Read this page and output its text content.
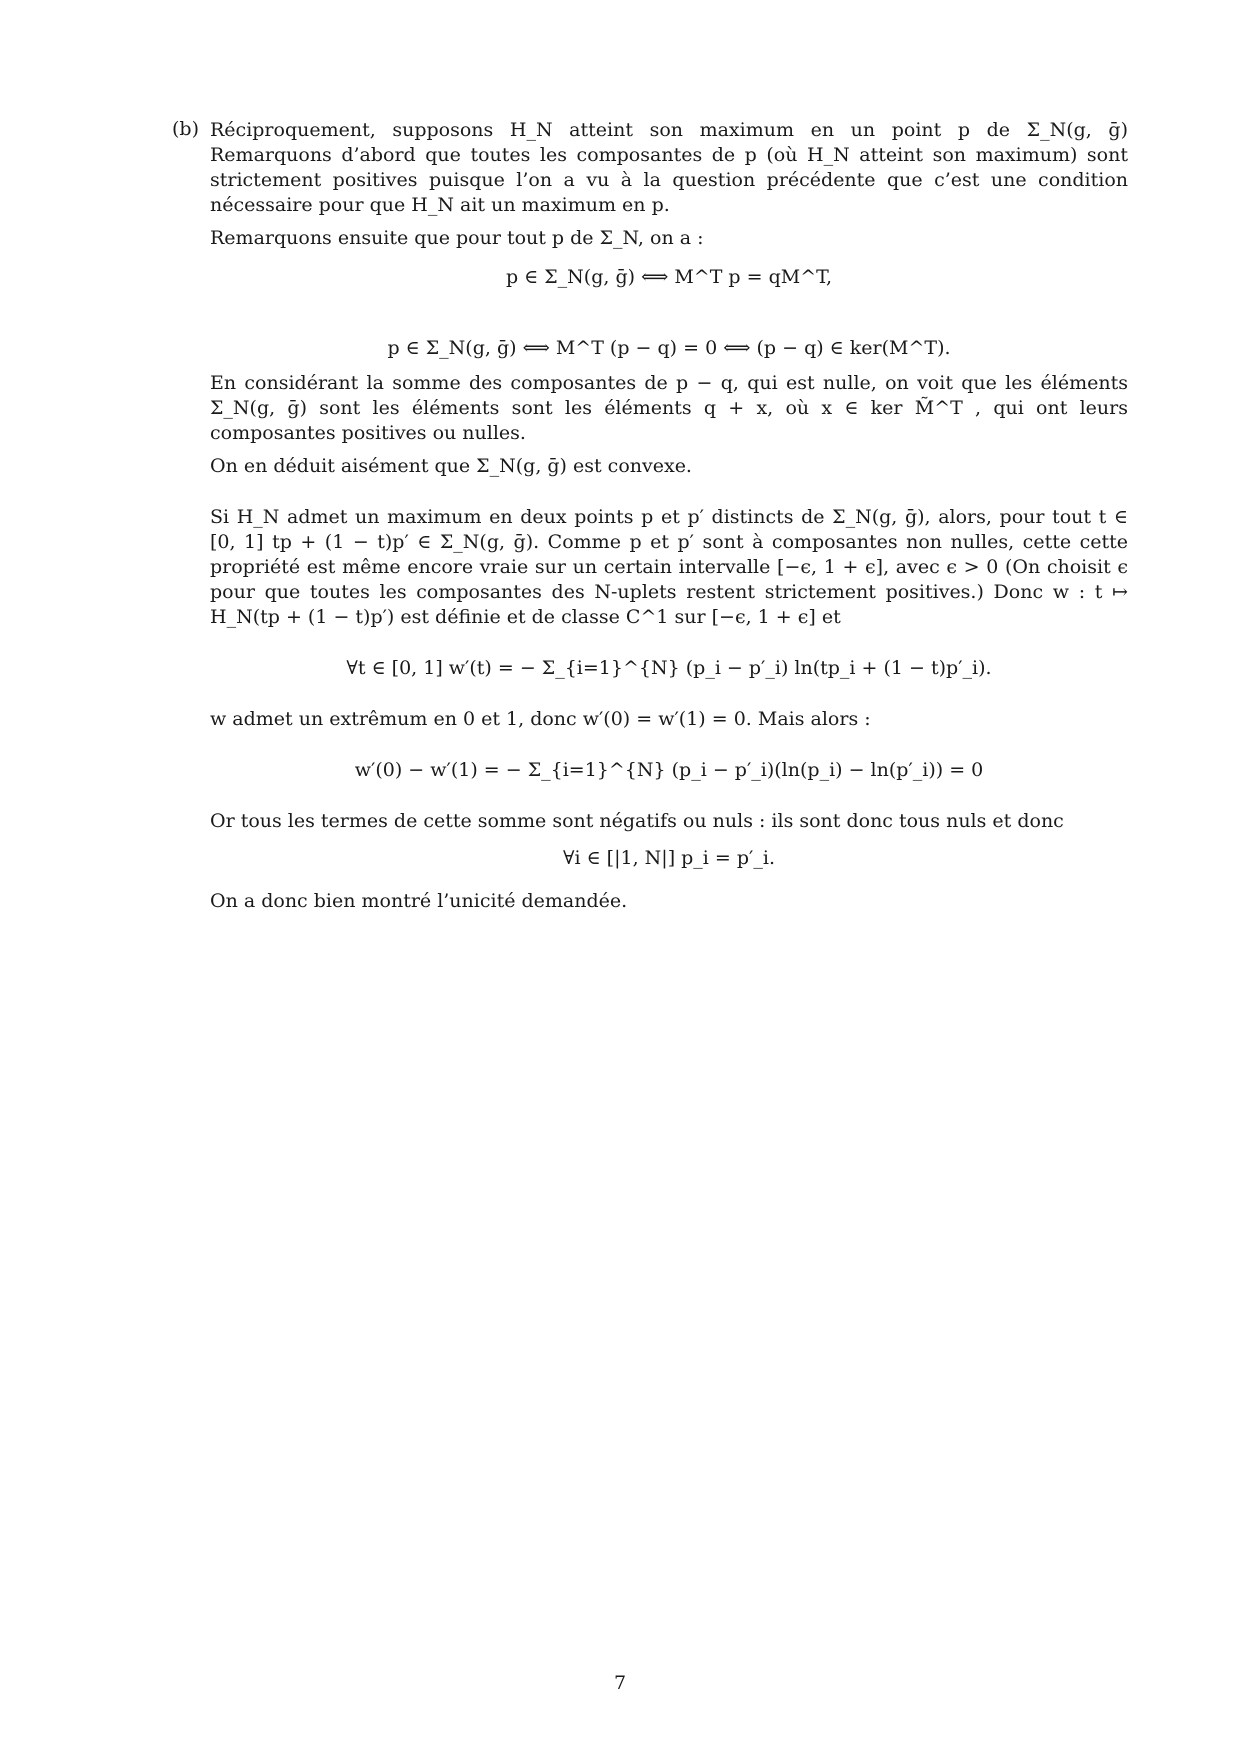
(b) Réciproquement, supposons H_N atteint son maximum en un point p de Σ_N(g, ḡ) Remarquons d’abord que toutes les composantes de p (où H_N atteint son maximum) sont strictement positives puisque l’on a vu à la question précédente que c’est une condition nécessaire pour que H_N ait un maximum en p.

Remarquons ensuite que pour tout p de Σ_N, on a :

p ∈ Σ_N(g, ḡ) ⟺ M^T p = qM^T,

p ∈ Σ_N(g, ḡ) ⟺ M^T (p − q) = 0 ⟺ (p − q) ∈ ker(M^T).

En considérant la somme des composantes de p − q, qui est nulle, on voit que les éléments Σ_N(g, ḡ) sont les éléments sont les éléments q + x, où x ∈ ker M̃^T , qui ont leurs composantes positives ou nulles.

On en déduit aisément que Σ_N(g, ḡ) est convexe.

Si H_N admet un maximum en deux points p et p′ distincts de Σ_N(g, ḡ), alors, pour tout t ∈ [0, 1] tp + (1 − t)p′ ∈ Σ_N(g, ḡ). Comme p et p′ sont à composantes non nulles, cette cette propriété est même encore vraie sur un certain intervalle [−ϵ, 1 + ϵ], avec ϵ > 0 (On choisit ϵ pour que toutes les composantes des N-uplets restent strictement positives.) Donc w : t ↦ H_N(tp + (1 − t)p′) est définie et de classe C^1 sur [−ϵ, 1 + ϵ] et

∀t ∈ [0, 1] w′(t) = − Σ_{i=1}^{N} (p_i − p′_i) ln(tp_i + (1 − t)p′_i).

w admet un extrêmum en 0 et 1, donc w′(0) = w′(1) = 0. Mais alors :

w′(0) − w′(1) = − Σ_{i=1}^{N} (p_i − p′_i)(ln(p_i) − ln(p′_i)) = 0

Or tous les termes de cette somme sont négatifs ou nuls : ils sont donc tous nuls et donc

∀i ∈ [|1, N|] p_i = p′_i.

On a donc bien montré l’unicité demandée.

7
